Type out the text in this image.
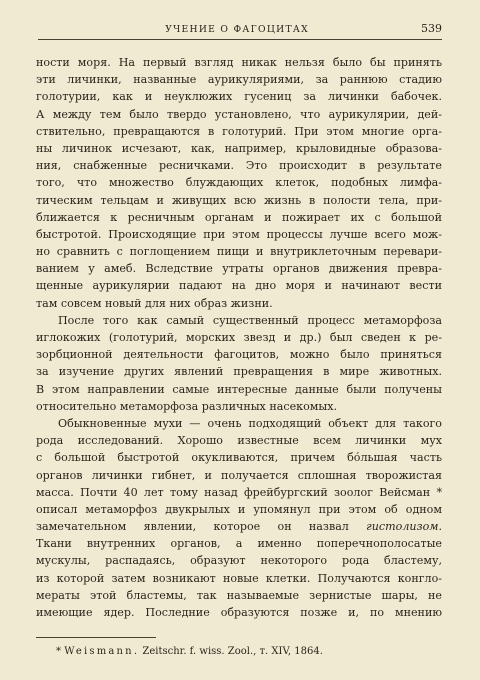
УЧЕНИЕ О ФАГОЦИТАХ	539
ности моря. На первый взгляд никак нельзя было бы принять
эти личинки, названные аурикуляриями, за раннюю стадию
голотурии, как и неуклюжих гусениц за личинки бабочек.
А между тем было твердо установлено, что аурикулярии, дей-
ствительно, превращаются в голотурий. При этом многие орга-
ны личинок исчезают, как, например, крыловидные образова-
ния, снабженные ресничками. Это происходит в результате
того, что множество блуждающих клеток, подобных лимфа-
тическим тельцам и живущих всю жизнь в полости тела, при-
ближается к ресничным органам и пожирает их с большой
быстротой. Происходящие при этом процессы лучше всего мож-
но сравнить с поглощением пищи и внутриклеточным перевари-
ванием у амеб. Вследствие утраты органов движения превра-
щенные аурикулярии падают на дно моря и начинают вести
там совсем новый для них образ жизни.
После того как самый существенный процесс метаморфоза
иглокожих (голотурий, морских звезд и др.) был сведен к ре-
зорбционной деятельности фагоцитов, можно было приняться
за изучение других явлений превращения в мире животных.
В этом направлении самые интересные данные были получены
относительно метаморфоза различных насекомых.
Обыкновенные мухи — очень подходящий объект для такого
рода исследований. Хорошо известные всем личинки мух
с большой быстротой окукливаются, причем бо́льшая часть
органов личинки гибнет, и получается сплошная творожистая
масса. Почти 40 лет тому назад фрейбургский зоолог Вейсман *
описал метаморфоз двукрылых и упомянул при этом об одном
замечательном явлении, которое он назвал гистолизом.
Ткани внутренних органов, а именно поперечнополосатые
мускулы, распадаясь, образуют некоторого рода бластему,
из которой затем возникают новые клетки. Получаются конгло-
мераты этой бластемы, так называемые зернистые шары, не
имеющие ядер. Последние образуются позже и, по мнению
* Weismann. Zeitschr. f. wiss. Zool., т. XIV, 1864.
